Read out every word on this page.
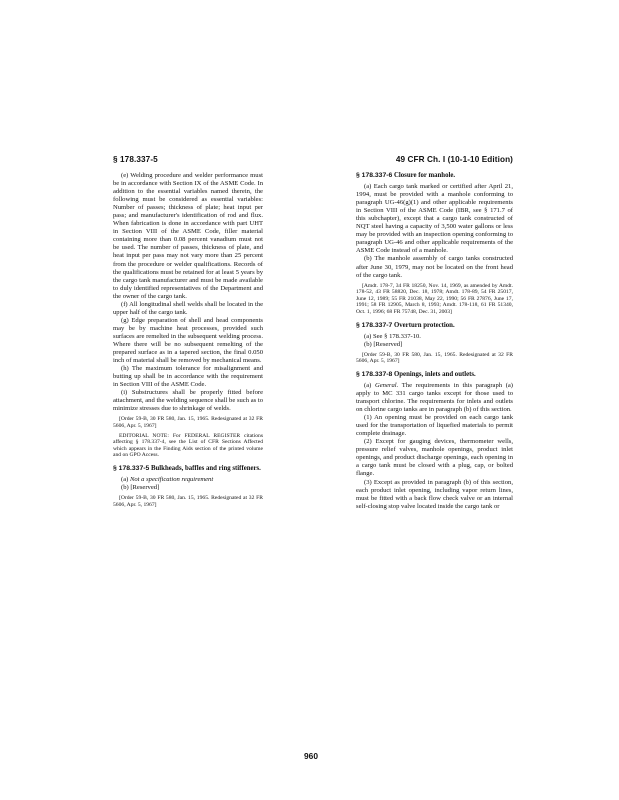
§ 178.337-5	49 CFR Ch. I (10-1-10 Edition)

(e) Welding procedure and welder performance must be in accordance with Section IX of the ASME Code. In addition to the essential variables named therein, the following must be considered as essential variables: Number of passes; thickness of plate; heat input per pass; and manufacturer's identification of rod and flux. When fabrication is done in accordance with part UHT in Section VIII of the ASME Code, filler material containing more than 0.08 percent vanadium must not be used. The number of passes, thickness of plate, and heat input per pass may not vary more than 25 percent from the procedure or welder qualifications. Records of the qualifications must be retained for at least 5 years by the cargo tank manufacturer and must be made available to duly identified representatives of the Department and the owner of the cargo tank.

(f) All longitudinal shell welds shall be located in the upper half of the cargo tank.

(g) Edge preparation of shell and head components may be by machine heat processes, provided such surfaces are remelted in the subsequent welding process. Where there will be no subsequent remelting of the prepared surface as in a tapered section, the final 0.050 inch of material shall be removed by mechanical means.

(h) The maximum tolerance for misalignment and butting up shall be in accordance with the requirement in Section VIII of the ASME Code.

(i) Substructures shall be properly fitted before attachment, and the welding sequence shall be such as to minimize stresses due to shrinkage of welds.

[Order 59-B, 30 FR 580, Jan. 15, 1965. Redesignated at 32 FR 5606, Apr. 5, 1967]

EDITORIAL NOTE: For FEDERAL REGISTER citations affecting § 178.337-4, see the List of CFR Sections Affected which appears in the Finding Aids section of the printed volume and on GPO Access.

§ 178.337-5 Bulkheads, baffles and ring stiffeners.

(a) Not a specification requirement

(b) [Reserved]

[Order 59-B, 30 FR 580, Jan. 15, 1965. Redesignated at 32 FR 5606, Apr. 5, 1967]

§ 178.337-6 Closure for manhole.

(a) Each cargo tank marked or certified after April 21, 1994, must be provided with a manhole conforming to paragraph UG-46(g)(1) and other applicable requirements in Section VIII of the ASME Code (IBR, see § 171.7 of this subchapter), except that a cargo tank constructed of NQT steel having a capacity of 3,500 water gallons or less may be provided with an inspection opening conforming to paragraph UG-46 and other applicable requirements of the ASME Code instead of a manhole.

(b) The manhole assembly of cargo tanks constructed after June 30, 1979, may not be located on the front head of the cargo tank.

[Amdt. 178-7, 34 FR 18250, Nov. 14, 1969, as amended by Amdt. 178-52, 43 FR 58820, Dec. 18, 1978; Amdt. 178-89, 54 FR 25017, June 12, 1989; 55 FR 21038, May 22, 1990; 56 FR 27876, June 17, 1991; 58 FR 12905, March 8, 1993; Amdt. 178-118, 61 FR 51340, Oct. 1, 1996; 68 FR 75748, Dec. 31, 2003]

§ 178.337-7 Overturn protection.

(a) See § 178.337-10.

(b) [Reserved]

[Order 59-B, 30 FR 580, Jan. 15, 1965. Redesignated at 32 FR 5606, Apr. 5, 1967]

§ 178.337-8 Openings, inlets and outlets.

(a) General. The requirements in this paragraph (a) apply to MC 331 cargo tanks except for those used to transport chlorine. The requirements for inlets and outlets on chlorine cargo tanks are in paragraph (b) of this section.

(1) An opening must be provided on each cargo tank used for the transportation of liquefied materials to permit complete drainage.

(2) Except for gauging devices, thermometer wells, pressure relief valves, manhole openings, product inlet openings, and product discharge openings, each opening in a cargo tank must be closed with a plug, cap, or bolted flange.

(3) Except as provided in paragraph (b) of this section, each product inlet opening, including vapor return lines, must be fitted with a back flow check valve or an internal self-closing stop valve located inside the cargo tank or

960
